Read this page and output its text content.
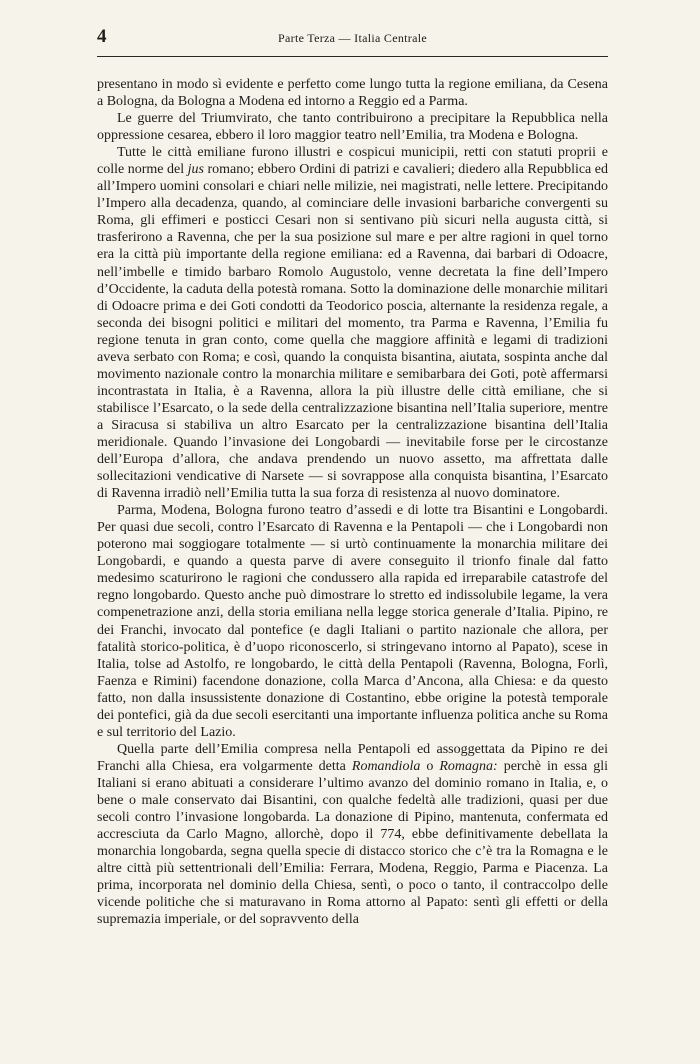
4	Parte Terza — Italia Centrale

presentano in modo sì evidente e perfetto come lungo tutta la regione emiliana, da Cesena a Bologna, da Bologna a Modena ed intorno a Reggio ed a Parma.

Le guerre del Triumvirato, che tanto contribuirono a precipitare la Repubblica nella oppressione cesarea, ebbero il loro maggior teatro nell’Emilia, tra Modena e Bologna.

Tutte le città emiliane furono illustri e cospicui municipii, retti con statuti proprii e colle norme del jus romano; ebbero Ordini di patrizi e cavalieri; diedero alla Repubblica ed all’Impero uomini consolari e chiari nelle milizie, nei magistrati, nelle lettere. Precipitando l’Impero alla decadenza, quando, al cominciare delle invasioni barbariche convergenti su Roma, gli effimeri e posticci Cesari non si sentivano più sicuri nella augusta città, si trasferirono a Ravenna, che per la sua posizione sul mare e per altre ragioni in quel torno era la città più importante della regione emiliana: ed a Ravenna, dai barbari di Odoacre, nell’imbelle e timido barbaro Romolo Augustolo, venne decretata la fine dell’Impero d’Occidente, la caduta della potestà romana. Sotto la dominazione delle monarchie militari di Odoacre prima e dei Goti condotti da Teodorico poscia, alternante la residenza regale, a seconda dei bisogni politici e militari del momento, tra Parma e Ravenna, l’Emilia fu regione tenuta in gran conto, come quella che maggiore affinità e legami di tradizioni aveva serbato con Roma; e così, quando la conquista bisantina, aiutata, sospinta anche dal movimento nazionale contro la monarchia militare e semibarbara dei Goti, potè affermarsi incontrastata in Italia, è a Ravenna, allora la più illustre delle città emiliane, che si stabilisce l’Esarcato, o la sede della centralizzazione bisantina nell’Italia superiore, mentre a Siracusa si stabiliva un altro Esarcato per la centralizzazione bisantina dell’Italia meridionale. Quando l’invasione dei Longobardi — inevitabile forse per le circostanze dell’Europa d’allora, che andava prendendo un nuovo assetto, ma affrettata dalle sollecitazioni vendicative di Narsete — si sovrappose alla conquista bisantina, l’Esarcato di Ravenna irradiò nell’Emilia tutta la sua forza di resistenza al nuovo dominatore.

Parma, Modena, Bologna furono teatro d’assedi e di lotte tra Bisantini e Longobardi. Per quasi due secoli, contro l’Esarcato di Ravenna e la Pentapoli — che i Longobardi non poterono mai soggiogare totalmente — si urtò continuamente la monarchia militare dei Longobardi, e quando a questa parve di avere conseguito il trionfo finale dal fatto medesimo scaturirono le ragioni che condussero alla rapida ed irreparabile catastrofe del regno longobardo. Questo anche può dimostrare lo stretto ed indissolubile legame, la vera compenetrazione anzi, della storia emiliana nella legge storica generale d’Italia. Pipino, re dei Franchi, invocato dal pontefice (e dagli Italiani o partito nazionale che allora, per fatalità storico-politica, è d’uopo riconoscerlo, si stringevano intorno al Papato), scese in Italia, tolse ad Astolfo, re longobardo, le città della Pentapoli (Ravenna, Bologna, Forlì, Faenza e Rimini) facendone donazione, colla Marca d’Ancona, alla Chiesa: e da questo fatto, non dalla insussistente donazione di Costantino, ebbe origine la potestà temporale dei pontefici, già da due secoli esercitanti una importante influenza politica anche su Roma e sul territorio del Lazio.

Quella parte dell’Emilia compresa nella Pentapoli ed assoggettata da Pipino re dei Franchi alla Chiesa, era volgarmente detta Romandiola o Romagna: perchè in essa gli Italiani si erano abituati a considerare l’ultimo avanzo del dominio romano in Italia, e, o bene o male conservato dai Bisantini, con qualche fedeltà alle tradizioni, quasi per due secoli contro l’invasione longobarda. La donazione di Pipino, mantenuta, confermata ed accresciuta da Carlo Magno, allorchè, dopo il 774, ebbe definitivamente debellata la monarchia longobarda, segna quella specie di distacco storico che c’è tra la Romagna e le altre città più settentrionali dell’Emilia: Ferrara, Modena, Reggio, Parma e Piacenza. La prima, incorporata nel dominio della Chiesa, sentì, o poco o tanto, il contraccolpo delle vicende politiche che si maturavano in Roma attorno al Papato: sentì gli effetti or della supremazia imperiale, or del sopravvento della
